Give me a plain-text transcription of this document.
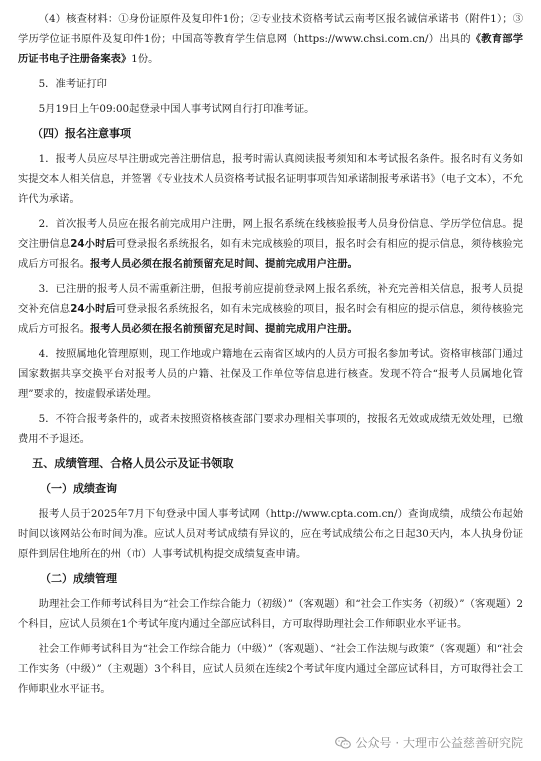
（4）核查材料：①身份证原件及复印件1份；②专业技术资格考试云南考区报名诚信承诺书（附件1）；③学历学位证书原件及复印件1份；中国高等教育学生信息网（https://www.chsi.com.cn/）出具的《教育部学历证书电子注册备案表》1份。

5．准考证打印

5月19日上午09:00起登录中国人事考试网自行打印准考证。

（四）报名注意事项

1．报考人员应尽早注册或完善注册信息，报考时需认真阅读报考须知和本考试报名条件。报名时有义务如实提交本人相关信息，并签署《专业技术人员资格考试报名证明事项告知承诺制报考承诺书》（电子文本），不允许代为承诺。

2．首次报考人员应在报名前完成用户注册，网上报名系统在线核验报考人员身份信息、学历学位信息。提交注册信息24小时后可登录报名系统报名，如有未完成核验的项目，报名时会有相应的提示信息，须待核验完成后方可报名。报考人员必须在报名前预留充足时间、提前完成用户注册。

3．已注册的报考人员不需重新注册，但报考前应提前登录网上报名系统，补充完善相关信息，报考人员提交补充信息24小时后可登录报名系统报名，如有未完成核验的项目，报名时会有相应的提示信息，须待核验完成后方可报名。报考人员必须在报名前预留充足时间、提前完成用户注册。

4．按照属地化管理原则，现工作地或户籍地在云南省区域内的人员方可报名参加考试。资格审核部门通过国家数据共享交换平台对报考人员的户籍、社保及工作单位等信息进行核查。发现不符合“报考人员属地化管理”要求的，按虚假承诺处理。

5．不符合报考条件的，或者未按照资格核查部门要求办理相关事项的，按报名无效或成绩无效处理，已缴费用不予退还。

五、成绩管理、合格人员公示及证书领取
（一）成绩查询

报考人员于2025年7月下旬登录中国人事考试网（http://www.cpta.com.cn/）查询成绩，成绩公布起始时间以该网站公布时间为准。应试人员对考试成绩有异议的，应在考试成绩公布之日起30天内，本人执身份证原件到居住地所在的州（市）人事考试机构提交成绩复查申请。

（二）成绩管理

助理社会工作师考试科目为“社会工作综合能力（初级）”（客观题）和“社会工作实务（初级）”（客观题）2个科目，应试人员须在1个考试年度内通过全部应试科目，方可取得助理社会工作师职业水平证书。

社会工作师考试科目为“社会工作综合能力（中级）”（客观题）、“社会工作法规与政策”（客观题）和“社会工作实务（中级）”（主观题）3个科目，应试人员须在连续2个考试年度内通过全部应试科目，方可取得社会工作师职业水平证书。

公众号 · 大理市公益慈善研究院
